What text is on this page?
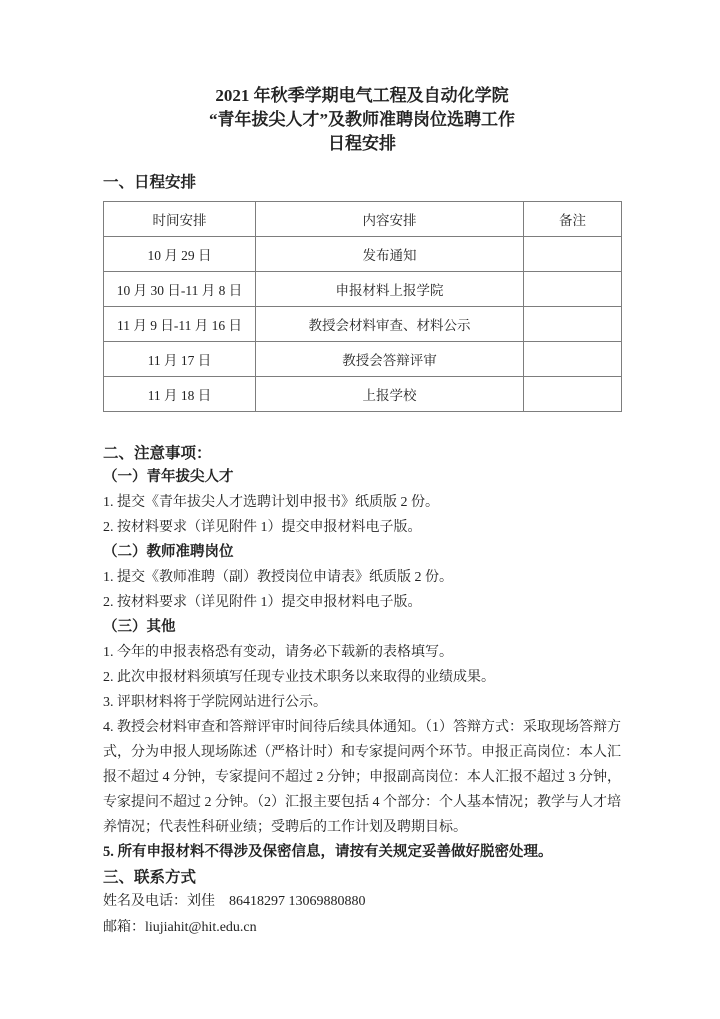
2021 年秋季学期电气工程及自动化学院
“青年拔尖人才”及教师准聘岗位选聘工作
日程安排
一、日程安排
时间安排	内容安排	备注
10 月 29 日	发布通知	
10 月 30 日-11 月 8 日	申报材料上报学院	
11 月 9 日-11 月 16 日	教授会材料审查、材料公示	
11 月 17 日	教授会答辩评审	
11 月 18 日	上报学校	
二、注意事项：
（一）青年拔尖人才
1. 提交《青年拔尖人才选聘计划申报书》纸质版 2 份。
2. 按材料要求（详见附件 1）提交申报材料电子版。
（二）教师准聘岗位
1. 提交《教师准聘（副）教授岗位申请表》纸质版 2 份。
2. 按材料要求（详见附件 1）提交申报材料电子版。
（三）其他
1. 今年的申报表格恐有变动，请务必下载新的表格填写。
2. 此次申报材料须填写任现专业技术职务以来取得的业绩成果。
3. 评职材料将于学院网站进行公示。
4. 教授会材料审查和答辩评审时间待后续具体通知。（1）答辩方式：采取现场答辩方式，分为申报人现场陈述（严格计时）和专家提问两个环节。申报正高岗位：本人汇报不超过 4 分钟，专家提问不超过 2 分钟；申报副高岗位：本人汇报不超过 3 分钟，专家提问不超过 2 分钟。（2）汇报主要包括 4 个部分：个人基本情况；教学与人才培养情况；代表性科研业绩；受聘后的工作计划及聘期目标。
5. 所有申报材料不得涉及保密信息，请按有关规定妥善做好脱密处理。
三、联系方式
姓名及电话：刘佳　86418297 13069880880
邮箱：liujiahit@hit.edu.cn
